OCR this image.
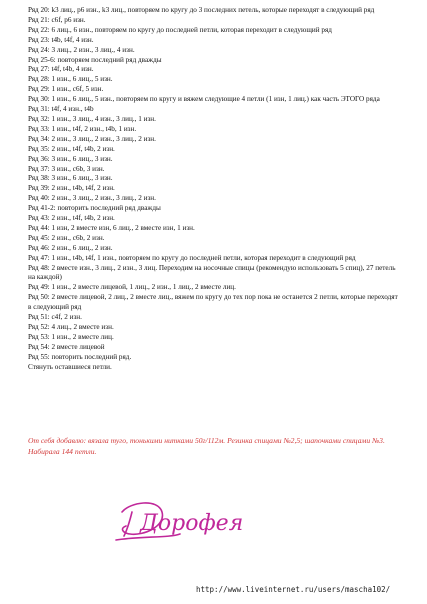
Ряд 20: k3 лиц., p6 изн., k3 лиц., повторяем по кругу до 3 последних петель, которые переходят в следующий ряд

Ряд 21: c6f, p6 изн.

Ряд 22: 6 лиц., 6 изн., повторяем по кругу до последней петли, которая переходит в следующий ряд

Ряд 23: t4b, t4f, 4 изн.

Ряд 24: 3 лиц., 2 изн., 3 лиц., 4 изн.

Ряд 25-6: повторяем последний ряд дважды

Ряд 27: t4f, t4b, 4 изн.

Ряд 28: 1 изн., 6 лиц., 5 изн.

Ряд 29: 1 изн., c6f, 5 изн.

Ряд 30: 1 изн., 6 лиц., 5 изн., повторяем по кругу и вяжем следующие 4 петли (1 изн, 1 лиц.) как часть ЭТОГО ряда

Ряд 31: t4f, 4 изн., t4b

Ряд 32: 1 изн., 3 лиц., 4 изн., 3 лиц., 1 изн.

Ряд 33: 1 изн., t4f, 2 изн., t4b, 1 изн.

Ряд 34: 2 изн., 3 лиц., 2 изн., 3 лиц., 2 изн.

Ряд 35: 2 изн., t4f, t4b, 2 изн.

Ряд 36: 3 изн., 6 лиц., 3 изн.

Ряд 37: 3 изн., c6b, 3 изн.

Ряд 38: 3 изн., 6 лиц., 3 изн.

Ряд 39: 2 изн., t4b, t4f, 2 изн.

Ряд 40: 2 изн., 3 лиц., 2 изн., 3 лиц., 2 изн.

Ряд 41-2: повторить последний ряд дважды

Ряд 43: 2 изн., t4f, t4b, 2 изн.

Ряд 44: 1 изн, 2 вместе изн, 6 лиц., 2 вместе изн, 1 изн.

Ряд 45: 2 изн., c6b, 2 изн.

Ряд 46: 2 изн., 6 лиц., 2 изн.

Ряд 47: 1 изн., t4b, t4f, 1 изн., повторяем по кругу до последней петли, которая переходит в следующий ряд

Ряд 48: 2 вместе изн., 3 лиц., 2 изн., 3 лиц. Переходим на носочные спицы (рекомендую использовать 5 спиц), 27 петель на каждой)

Ряд 49: 1 изн., 2 вместе лицевой, 1 лиц., 2 изн., 1 лиц., 2 вместе лиц.

Ряд 50: 2 вместе лицевой, 2 лиц., 2 вместе лиц., вяжем по кругу до тех пор пока не останется 2 петли, которые переходят в следующий ряд

Ряд 51: c4f, 2 изн.

Ряд 52: 4 лиц., 2 вместе изн.

Ряд 53: 1 изн., 2 вместе лиц.

Ряд 54: 2 вместе лицевой

Ряд 55: повторить последний ряд.

Стянуть оставшиеся петли.

От себя добавлю: вязала туго, тонькими нитками 50г/112м. Резинка спицами №2,5; шапочками спицами №3. Набирала 144 петли.

Дорофея
http://www.liveinternet.ru/users/mascha102/
